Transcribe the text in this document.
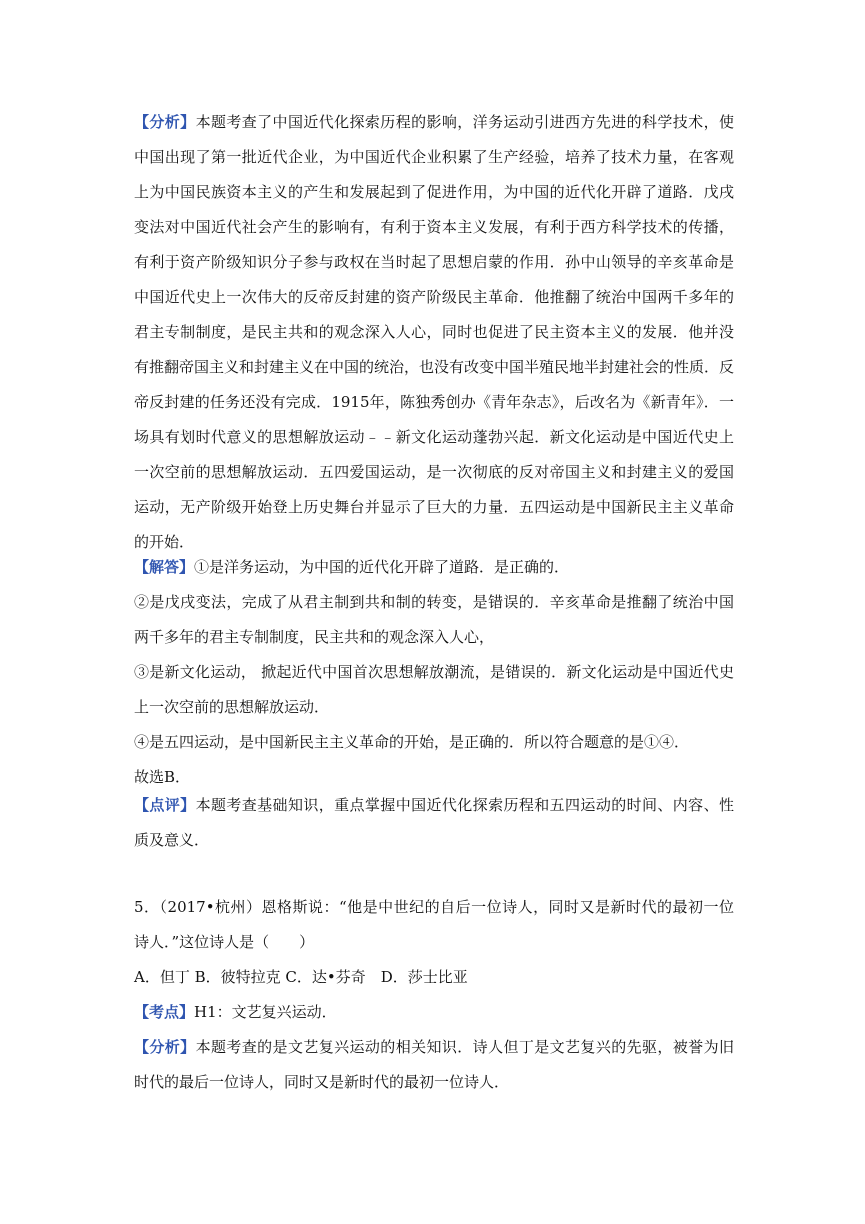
【分析】本题考查了中国近代化探索历程的影响，洋务运动引进西方先进的科学技术，使
中国出现了第一批近代企业，为中国近代企业积累了生产经验，培养了技术力量，在客观
上为中国民族资本主义的产生和发展起到了促进作用，为中国的近代化开辟了道路．戊戌
变法对中国近代社会产生的影响有，有利于资本主义发展，有利于西方科学技术的传播，
有利于资产阶级知识分子参与政权在当时起了思想启蒙的作用．孙中山领导的辛亥革命是
中国近代史上一次伟大的反帝反封建的资产阶级民主革命．他推翻了统治中国两千多年的
君主专制制度，是民主共和的观念深入人心，同时也促进了民主资本主义的发展．他并没
有推翻帝国主义和封建主义在中国的统治，也没有改变中国半殖民地半封建社会的性质．反
帝反封建的任务还没有完成．1915年，陈独秀创办《青年杂志》，后改名为《新青年》．一
场具有划时代意义的思想解放运动﹣﹣新文化运动蓬勃兴起．新文化运动是中国近代史上
一次空前的思想解放运动．五四爱国运动，是一次彻底的反对帝国主义和封建主义的爱国
运动，无产阶级开始登上历史舞台并显示了巨大的力量．五四运动是中国新民主主义革命
的开始．
【解答】①是洋务运动，为中国的近代化开辟了道路．是正确的．
②是戊戌变法，完成了从君主制到共和制的转变，是错误的．辛亥革命是推翻了统治中国
两千多年的君主专制制度，民主共和的观念深入人心，
③是新文化运动， 掀起近代中国首次思想解放潮流，是错误的．新文化运动是中国近代史
上一次空前的思想解放运动．
④是五四运动，是中国新民主主义革命的开始，是正确的．所以符合题意的是①④．
故选B．
【点评】本题考查基础知识，重点掌握中国近代化探索历程和五四运动的时间、内容、性
质及意义．
5．（2017•杭州）恩格斯说：“他是中世纪的自后一位诗人，同时又是新时代的最初一位
诗人．”这位诗人是（　　）
A．但丁 B．彼特拉克 C．达•芬奇　D．莎士比亚
【考点】H1：文艺复兴运动．
【分析】本题考查的是文艺复兴运动的相关知识．诗人但丁是文艺复兴的先驱，被誉为旧
时代的最后一位诗人，同时又是新时代的最初一位诗人．
